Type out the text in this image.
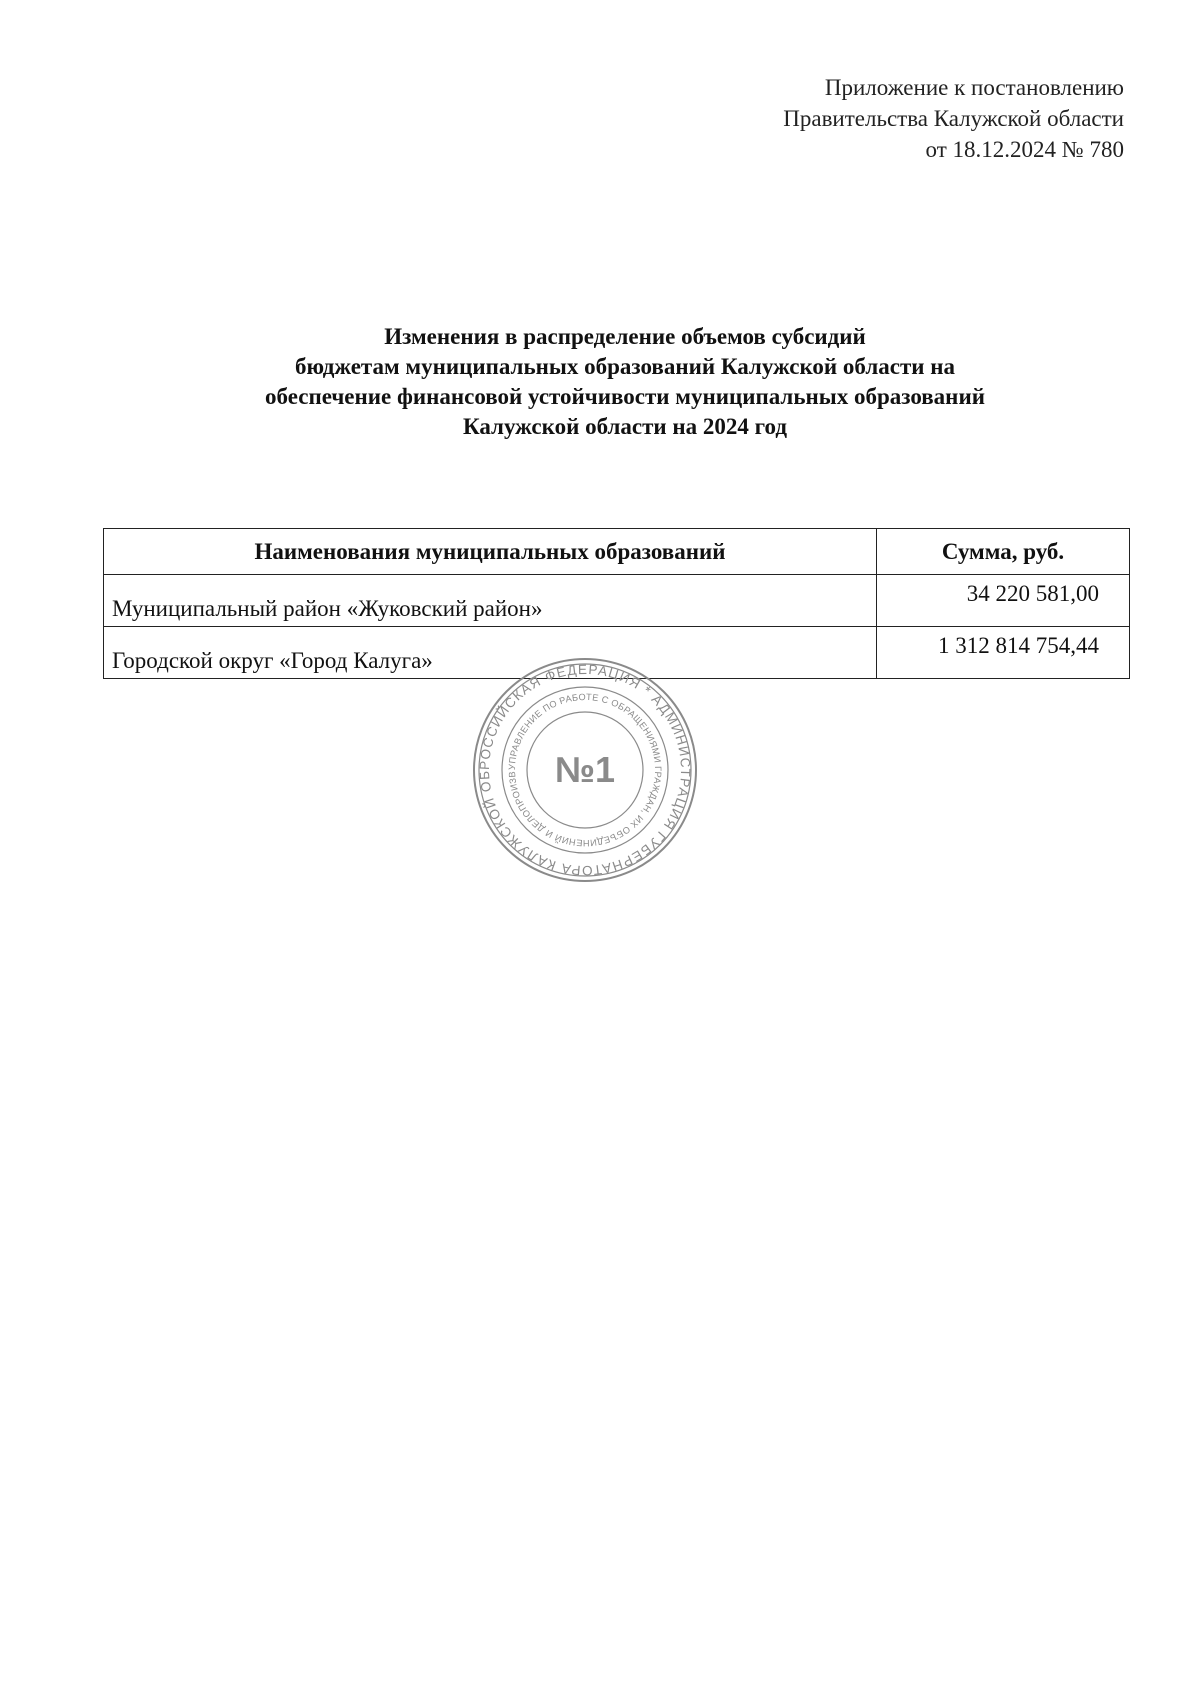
Приложение к постановлению
Правительства Калужской области
от 18.12.2024 № 780
Изменения в распределение объемов субсидий
бюджетам муниципальных образований Калужской области на
обеспечение финансовой устойчивости муниципальных образований
Калужской области на 2024 год
Наименования муниципальных образований	Сумма, руб.
Муниципальный район «Жуковский район»	34 220 581,00
Городской округ «Город Калуга»	1 312 814 754,44
РОССИЙСКАЯ ФЕДЕРАЦИЯ * АДМИНИСТРАЦИЯ ГУБЕРНАТОРА КАЛУЖСКОЙ ОБ
УПРАВЛЕНИЕ ПО РАБОТЕ С ОБРАЩЕНИЯМИ ГРАЖДАН, ИХ ОБЪЕДИНЕНИЙ И ДЕЛОПРОИЗВ	№1
